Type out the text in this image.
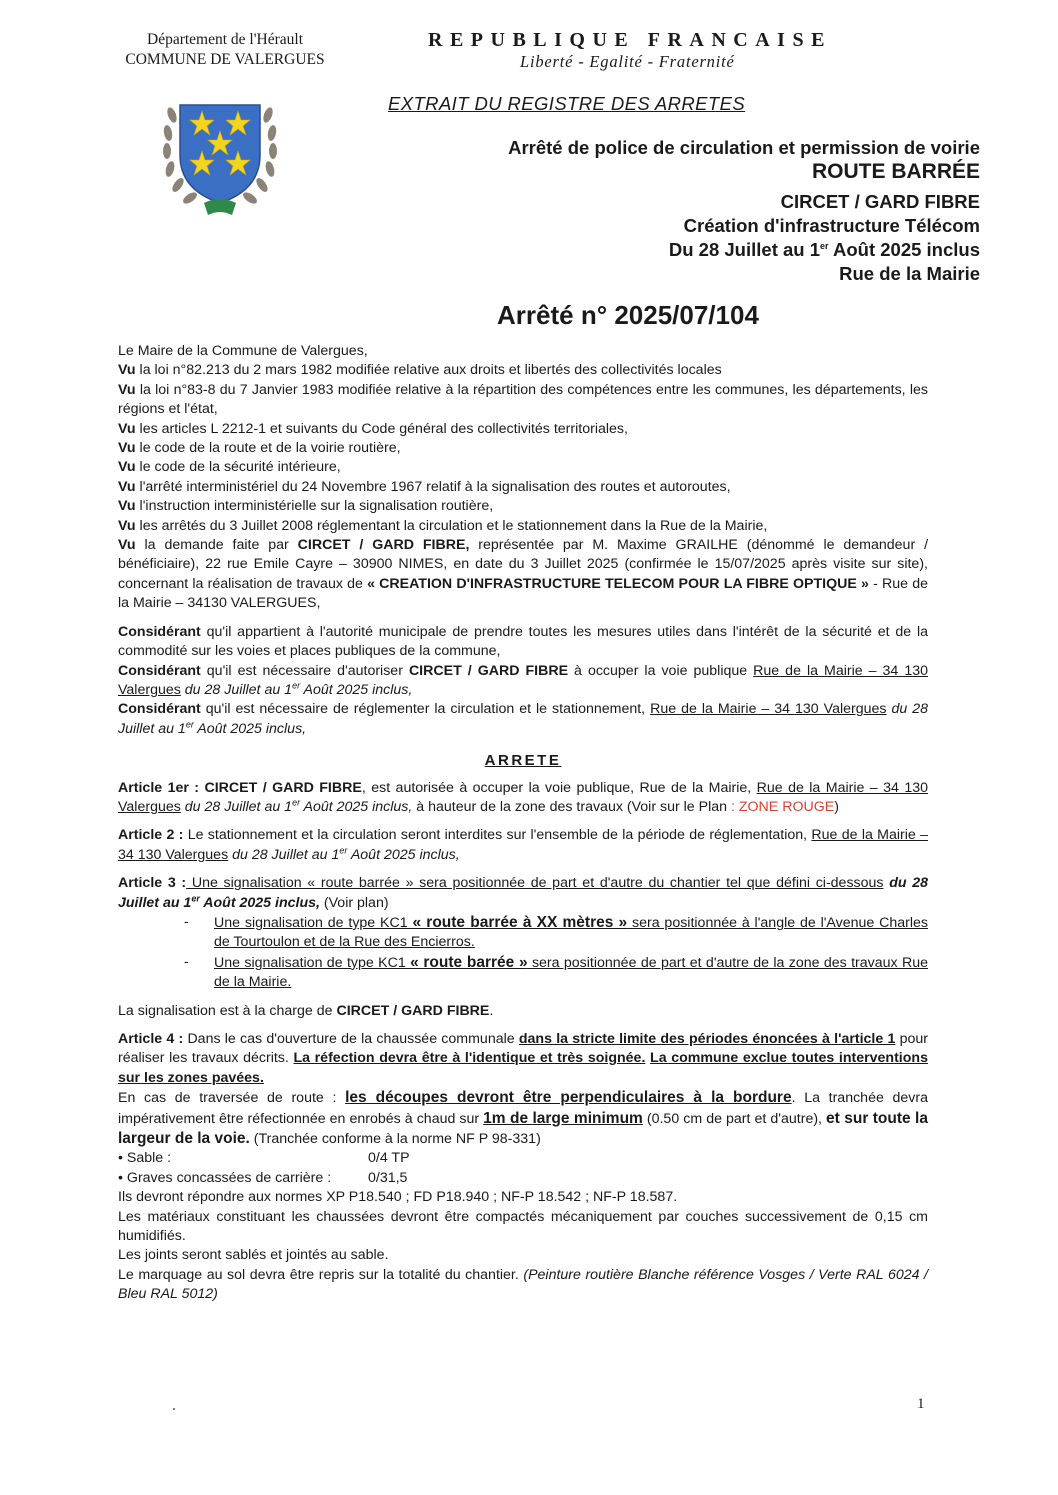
Département de l'Hérault
COMMUNE DE VALERGUES
REPUBLIQUE FRANCAISE
Liberté - Egalité - Fraternité
EXTRAIT DU REGISTRE DES ARRETES
Arrêté de police de circulation et permission de voirie
ROUTE BARRÉE
CIRCET / GARD FIBRE
Création d'infrastructure Télécom
Du 28 Juillet au 1er Août 2025 inclus
Rue de la Mairie
Arrêté n° 2025/07/104

Le Maire de la Commune de Valergues,

Vu la loi n°82.213 du 2 mars 1982 modifiée relative aux droits et libertés des collectivités locales

Vu la loi n°83-8 du 7 Janvier 1983 modifiée relative à la répartition des compétences entre les communes, les départements, les régions et l'état,

Vu les articles L 2212-1 et suivants du Code général des collectivités territoriales,

Vu le code de la route et de la voirie routière,

Vu le code de la sécurité intérieure,

Vu l'arrêté interministériel du 24 Novembre 1967 relatif à la signalisation des routes et autoroutes,

Vu l'instruction interministérielle sur la signalisation routière,

Vu les arrêtés du 3 Juillet 2008 réglementant la circulation et le stationnement dans la Rue de la Mairie,

Vu la demande faite par CIRCET / GARD FIBRE, représentée par M. Maxime GRAILHE (dénommé le demandeur / bénéficiaire), 22 rue Emile Cayre – 30900 NIMES, en date du 3 Juillet 2025 (confirmée le 15/07/2025 après visite sur site), concernant la réalisation de travaux de « CREATION D'INFRASTRUCTURE TELECOM POUR LA FIBRE OPTIQUE » - Rue de la Mairie – 34130 VALERGUES,

Considérant qu'il appartient à l'autorité municipale de prendre toutes les mesures utiles dans l'intérêt de la sécurité et de la commodité sur les voies et places publiques de la commune,

Considérant qu'il est nécessaire d'autoriser CIRCET / GARD FIBRE à occuper la voie publique Rue de la Mairie – 34 130 Valergues du 28 Juillet au 1er Août 2025 inclus,

Considérant qu'il est nécessaire de réglementer la circulation et le stationnement, Rue de la Mairie – 34 130 Valergues du 28 Juillet au 1er Août 2025 inclus,

ARRETE

Article 1er : CIRCET / GARD FIBRE, est autorisée à occuper la voie publique, Rue de la Mairie, Rue de la Mairie – 34 130 Valergues du 28 Juillet au 1er Août 2025 inclus, à hauteur de la zone des travaux (Voir sur le Plan : ZONE ROUGE)

Article 2 : Le stationnement et la circulation seront interdites sur l'ensemble de la période de réglementation, Rue de la Mairie – 34 130 Valergues du 28 Juillet au 1er Août 2025 inclus,

Article 3 : Une signalisation « route barrée » sera positionnée de part et d'autre du chantier tel que défini ci-dessous du 28 Juillet au 1er Août 2025 inclus, (Voir plan)

- Une signalisation de type KC1 « route barrée à XX mètres » sera positionnée à l'angle de l'Avenue Charles de Tourtoulon et de la Rue des Encierros.

- Une signalisation de type KC1 « route barrée » sera positionnée de part et d'autre de la zone des travaux Rue de la Mairie.

La signalisation est à la charge de CIRCET / GARD FIBRE.

Article 4 : Dans le cas d'ouverture de la chaussée communale dans la stricte limite des périodes énoncées à l'article 1 pour réaliser les travaux décrits. La réfection devra être à l'identique et très soignée. La commune exclue toutes interventions sur les zones pavées.

En cas de traversée de route : les découpes devront être perpendiculaires à la bordure. La tranchée devra impérativement être réfectionnée en enrobés à chaud sur 1m de large minimum (0.50 cm de part et d'autre), et sur toute la largeur de la voie. (Tranchée conforme à la norme NF P 98-331)

• Sable :	0/4 TP

• Graves concassées de carrière :	0/31,5

Ils devront répondre aux normes XP P18.540 ; FD P18.940 ; NF-P 18.542 ; NF-P 18.587.

Les matériaux constituant les chaussées devront être compactés mécaniquement par couches successivement de 0,15 cm humidifiés.

Les joints seront sablés et jointés au sable.

Le marquage au sol devra être repris sur la totalité du chantier. (Peinture routière Blanche référence Vosges / Verte RAL 6024 / Bleu RAL 5012)

1
